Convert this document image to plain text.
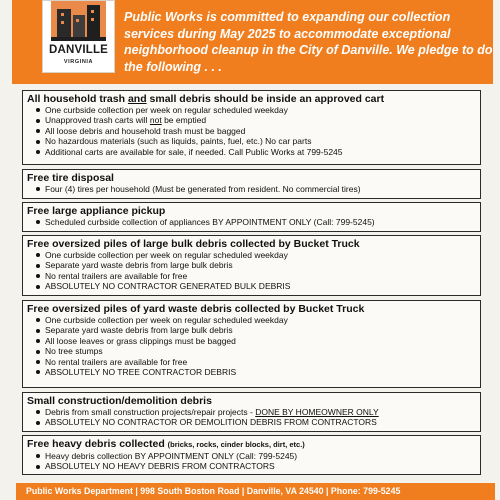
DANVILLE
VIRGINIA
Public Works is committed to expanding our collection services during May 2025 to accommodate exceptional neighborhood cleanup in the City of Danville. We pledge to do the following . . .
All household trash and small debris should be inside an approved cart
One curbside collection per week on regular scheduled weekday
Unapproved trash carts will not be emptied
All loose debris and household trash must be bagged
No hazardous materials (such as liquids, paints, fuel, etc.) No car parts
Additional carts are available for sale, if needed. Call Public Works at 799-5245
Free tire disposal
Four (4) tires per household (Must be generated from resident. No commercial tires)
Free large appliance pickup
Scheduled curbside collection of appliances BY APPOINTMENT ONLY (Call: 799-5245)
Free oversized piles of large bulk debris collected by Bucket Truck
One curbside collection per week on regular scheduled weekday
Separate yard waste debris from large bulk debris
No rental trailers are available for free
ABSOLUTELY NO CONTRACTOR GENERATED BULK DEBRIS
Free oversized piles of yard waste debris collected by Bucket Truck
One curbside collection per week on regular scheduled weekday
Separate yard waste debris from large bulk debris
All loose leaves or grass clippings must be bagged
No tree stumps
No rental trailers are available for free
ABSOLUTELY NO TREE CONTRACTOR DEBRIS
Small construction/demolition debris
Debris from small construction projects/repair projects - DONE BY HOMEOWNER ONLY
ABSOLUTELY NO CONTRACTOR OR DEMOLITION DEBRIS FROM CONTRACTORS
Free heavy debris collected (bricks, rocks, cinder blocks, dirt, etc.)
Heavy debris collection BY APPOINTMENT ONLY (Call: 799-5245)
ABSOLUTELY NO HEAVY DEBRIS FROM CONTRACTORS
Public Works Department | 998 South Boston Road | Danville, VA 24540 | Phone: 799-5245
